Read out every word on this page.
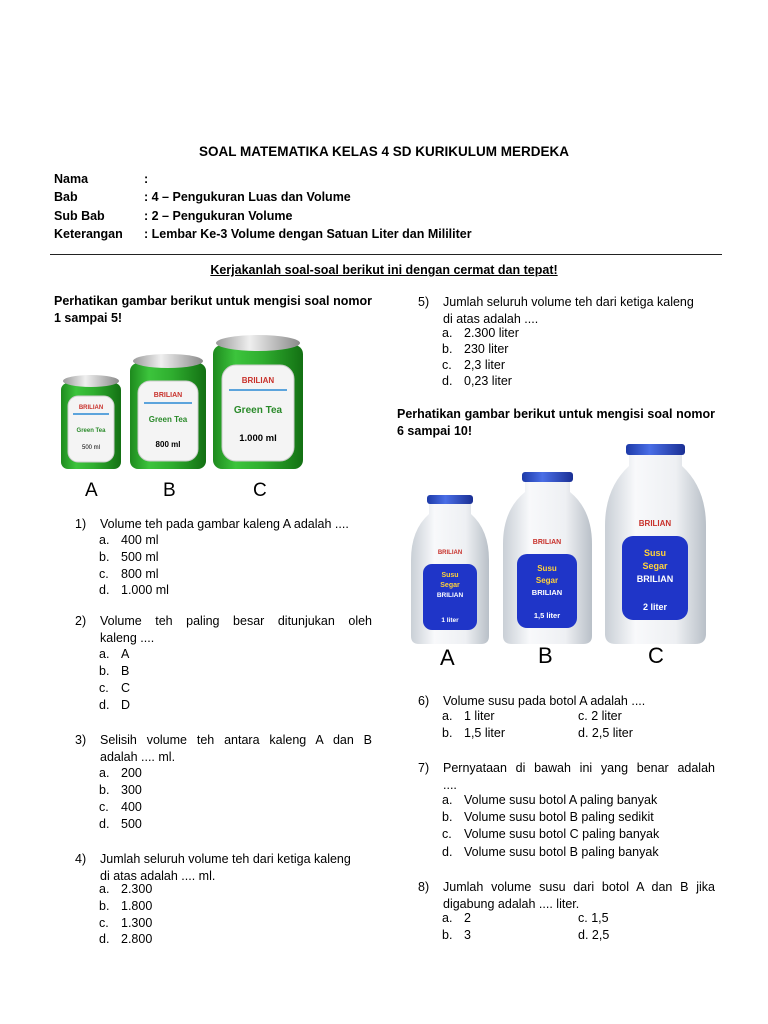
SOAL MATEMATIKA KELAS 4 SD KURIKULUM MERDEKA
Nama	:
Bab	: 4 – Pengukuran Luas dan Volume
Sub Bab	: 2 – Pengukuran Volume
Keterangan	: Lembar Ke-3 Volume dengan Satuan Liter dan Mililiter
Kerjakanlah soal-soal berikut ini dengan cermat dan tepat!
Perhatikan gambar berikut untuk mengisi soal nomor 1 sampai 5!
BRILIAN
Green Tea
500 ml
BRILIAN
Green Tea
800 ml
BRILIAN
Green Tea
1.000 ml
A	B	C
1) Volume teh pada gambar kaleng A adalah ....
a. 400 ml
b. 500 ml
c. 800 ml
d. 1.000 ml
2) Volume teh paling besar ditunjukan oleh
kaleng ....
a. A
b. B
c. C
d. D
3) Selisih volume teh antara kaleng A dan B
adalah .... ml.
a. 200
b. 300
c. 400
d. 500
4) Jumlah seluruh volume teh dari ketiga kaleng
di atas adalah .... ml.
a. 2.300
b. 1.800
c. 1.300
d. 2.800
5) Jumlah seluruh volume teh dari ketiga kaleng
di atas adalah ....
a. 2.300 liter
b. 230 liter
c. 2,3 liter
d. 0,23 liter
Perhatikan gambar berikut untuk mengisi soal nomor 6 sampai 10!
BRILIAN
Susu
Segar
BRILIAN
1 liter
BRILIAN
Susu
Segar
BRILIAN
1,5 liter
BRILIAN
Susu
Segar
BRILIAN
2 liter
A	B	C
6) Volume susu pada botol A adalah ....
a. 1 liter	c. 2 liter
b. 1,5 liter	d. 2,5 liter
7) Pernyataan di bawah ini yang benar adalah
....
a. Volume susu botol A paling banyak
b. Volume susu botol B paling sedikit
c. Volume susu botol C paling banyak
d. Volume susu botol B paling banyak
8) Jumlah volume susu dari botol A dan B jika
digabung adalah .... liter.
a. 2	c. 1,5
b. 3	d. 2,5
